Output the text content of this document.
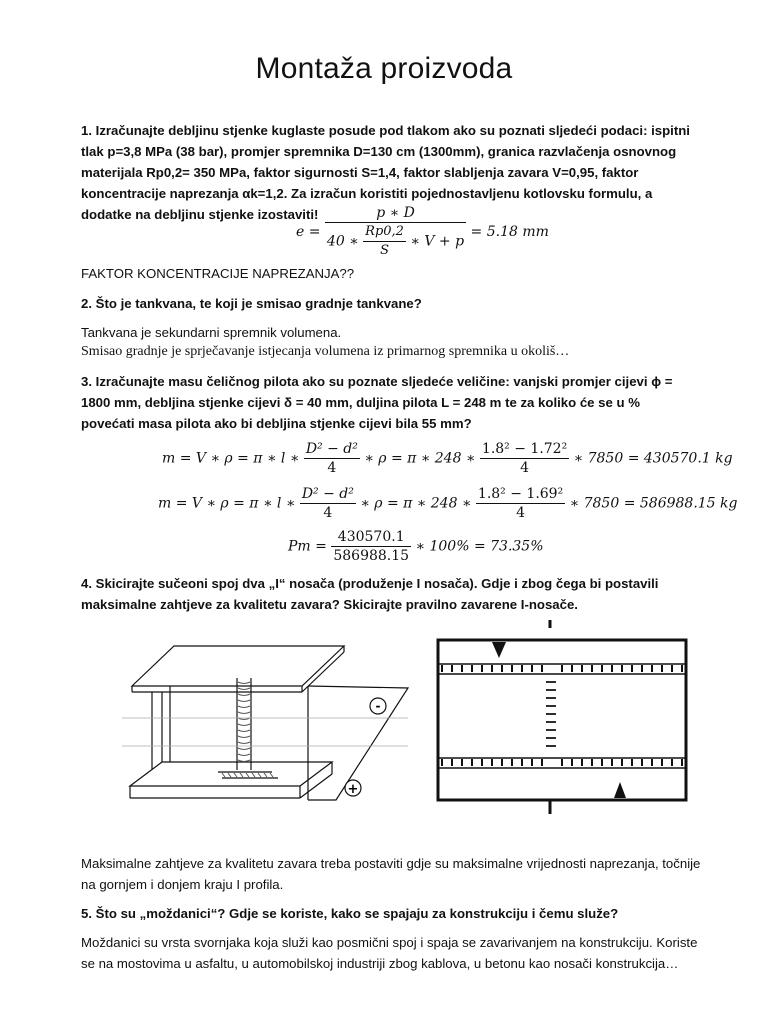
Montaža proizvoda
1. Izračunajte debljinu stjenke kuglaste posude pod tlakom ako su poznati sljedeći podaci: ispitni tlak p=3,8 MPa (38 bar), promjer spremnika D=130 cm (1300mm), granica razvlačenja osnovnog materijala Rp0,2= 350 MPa, faktor sigurnosti S=1,4, faktor slabljenja zavara V=0,95, faktor koncentracije naprezanja αk=1,2. Za izračun koristiti pojednostavljenu kotlovsku formulu, a dodatke na debljinu stjenke izostaviti!
e =
p ∗ D
40 ∗ $\frac{Rp0,2}{S}$ ∗ V + p
= 5.18 mm
FAKTOR KONCENTRACIJE NAPREZANJA??
2. Što je tankvana, te koji je smisao gradnje tankvane?
Tankvana je sekundarni spremnik volumena.
Smisao gradnje je sprječavanje istjecanja volumena iz primarnog spremnika u okoliš…
3. Izračunajte masu čeličnog pilota ako su poznate sljedeće veličine: vanjski promjer cijevi ϕ = 1800 mm, debljina stjenke cijevi δ = 40 mm, duljina pilota L = 248 m te za koliko će se u % povećati masa pilota ako bi debljina stjenke cijevi bila 55 mm?
m = V ∗ ρ = π ∗ l ∗ $\frac{\text{D² − d²}}{4}$ ∗ ρ = π ∗ 248 ∗ $\frac{\text{1.8² − 1.72²}}{4}$ ∗ 7850 = 430570.1 kg
m = V ∗ ρ = π ∗ l ∗ $\frac{\text{D² − d²}}{4}$ ∗ ρ = π ∗ 248 ∗ $\frac{\text{1.8² − 1.69²}}{4}$ ∗ 7850 = 586988.15 kg
$Pm = \frac{430570.1}{586988.15}$ ∗ 100% = 73.35%
4. Skicirajte sučeoni spoj dva „I“ nosača (produženje I nosača). Gdje i zbog čega bi postavili maksimalne zahtjeve za kvalitetu zavara? Skicirajte pravilno zavarene I-nosače.
-
+
Maksimalne zahtjeve za kvalitetu zavara treba postaviti gdje su maksimalne vrijednosti naprezanja, točnije na gornjem i donjem kraju I profila.
5. Što su „moždanici“? Gdje se koriste, kako se spajaju za konstrukciju i čemu služe?
Moždanici su vrsta svornjaka koja služi kao posmični spoj i spaja se zavarivanjem na konstrukciju. Koriste se na mostovima u asfaltu, u automobilskoj industriji zbog kablova, u betonu kao nosači konstrukcija…
